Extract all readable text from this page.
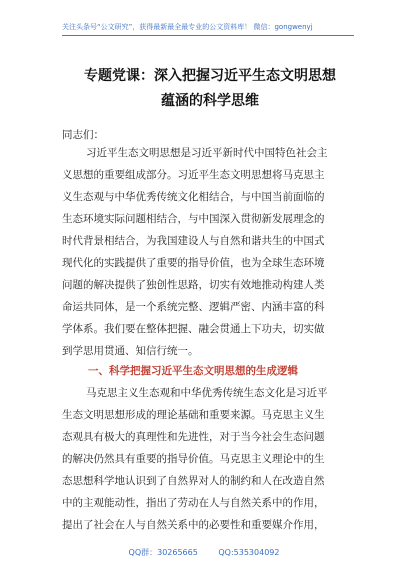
关注头条号“公文研究”，获得最新最全最专业的公文资料库！ 微信：gongwenyj
专题党课：深入把握习近平生态文明思想
蕴涵的科学思维
同志们：
习近平生态文明思想是习近平新时代中国特色社会主
义思想的重要组成部分。习近平生态文明思想将马克思主
义生态观与中华优秀传统文化相结合，与中国当前面临的
生态环境实际问题相结合，与中国深入贯彻新发展理念的
时代背景相结合，为我国建设人与自然和谐共生的中国式
现代化的实践提供了重要的指导价值，也为全球生态环境
问题的解决提供了独创性思路，切实有效地推动构建人类
命运共同体，是一个系统完整、逻辑严密、内涵丰富的科
学体系。我们要在整体把握、融会贯通上下功夫，切实做
到学思用贯通、知信行统一。
一、科学把握习近平生态文明思想的生成逻辑
马克思主义生态观和中华优秀传统生态文化是习近平
生态文明思想形成的理论基础和重要来源。马克思主义生
态观具有极大的真理性和先进性，对于当今社会生态问题
的解决仍然具有重要的指导价值。马克思主义理论中的生
态思想科学地认识到了自然界对人的制约和人在改造自然
中的主观能动性，指出了劳动在人与自然关系中的作用，
提出了社会在人与自然关系中的必要性和重要媒介作用，
QQ群：30265665	QQ:535304092
